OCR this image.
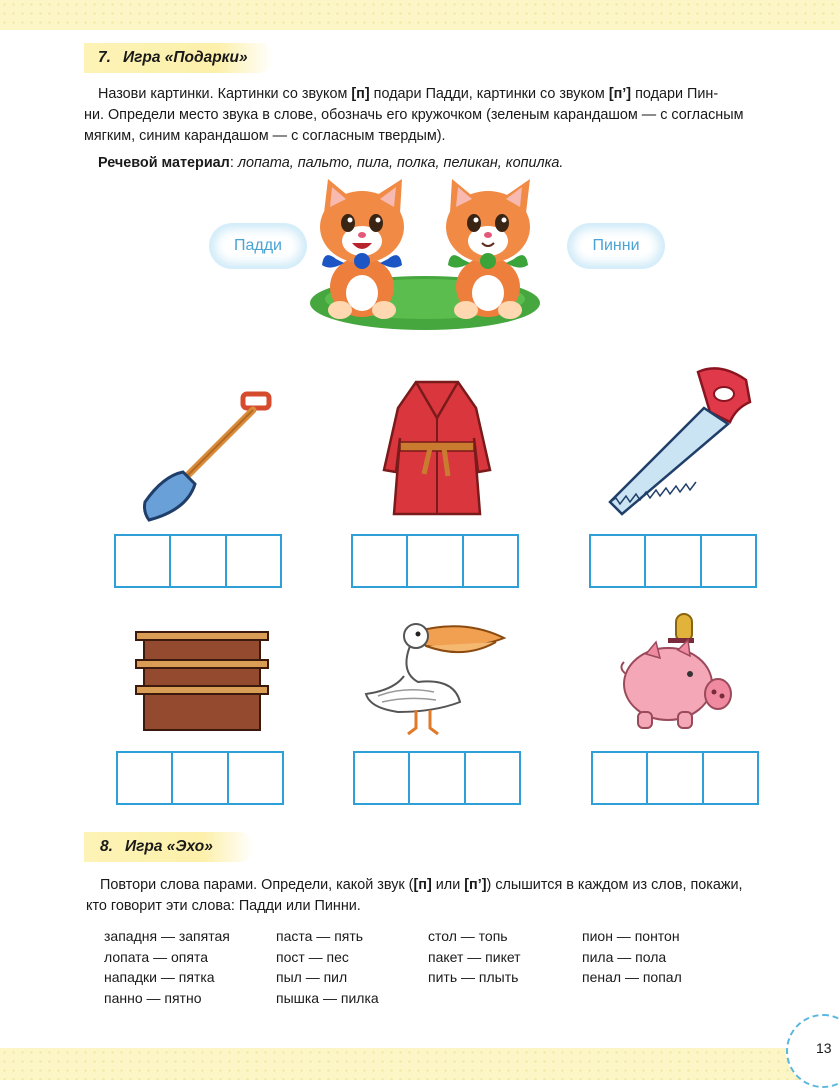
7. Игра «Подарки»

Назови картинки. Картинки со звуком [п] подари Падди, картинки со звуком [п’] подари Пин-

ни. Определи место звука в слове, обозначь его кружочком (зеленым карандашом — с согласным

мягким, синим карандашом — с согласным твердым).

Речевой материал: лопата, пальто, пила, полка, пеликан, копилка.

Падди	Пинни
8. Игра «Эхо»

Повтори слова парами. Определи, какой звук ([п] или [п’]) слышится в каждом из слов, покажи,

кто говорит эти слова: Падди или Пинни.

западня — запятая
лопата — опята
нападки — пятка
панно — пятно
паста — пять
пост — пес
пыл — пил
пышка — пилка
стол — топь
пакет — пикет
пить — плыть
пион — понтон
пила — пола
пенал — попал
13
